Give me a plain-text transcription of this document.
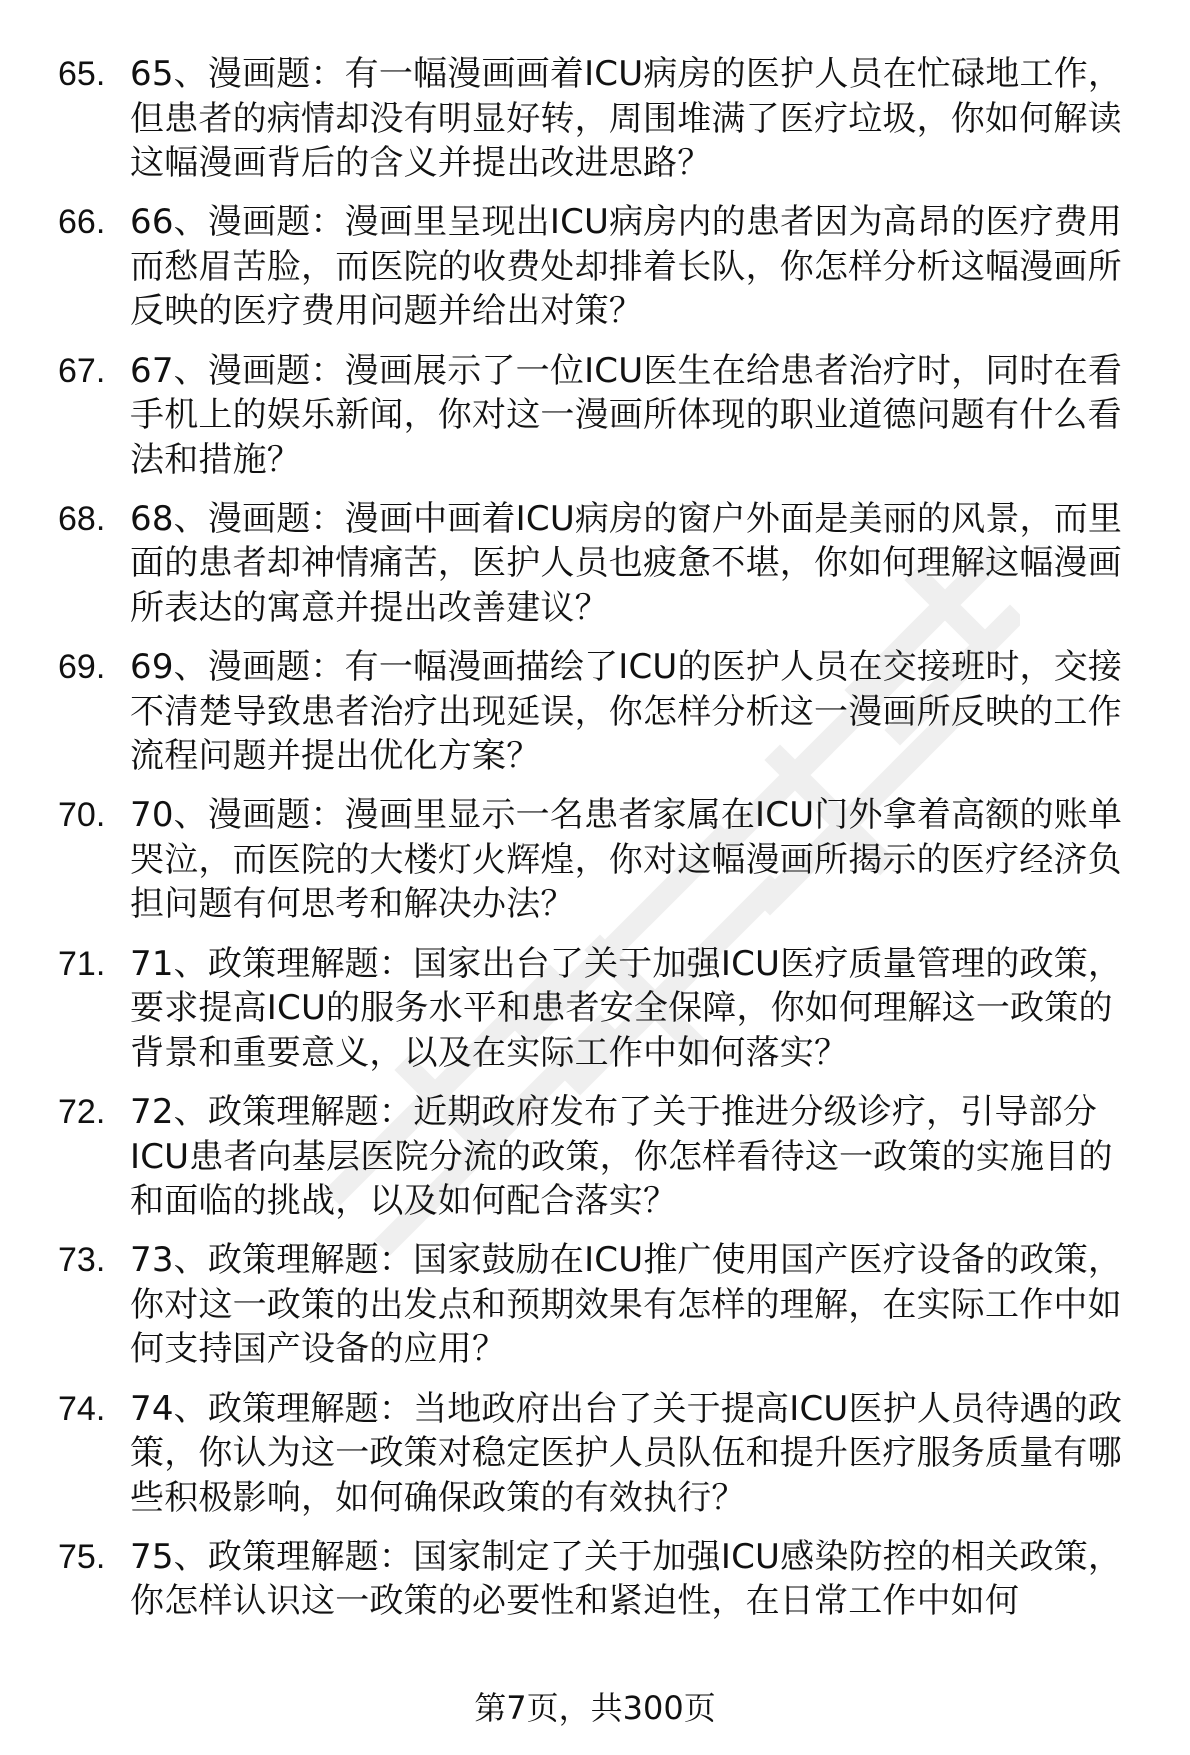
65. 65、漫画题：有一幅漫画画着ICU病房的医护人员在忙碌地工作，但患者的病情却没有明显好转，周围堆满了医疗垃圾，你如何解读这幅漫画背后的含义并提出改进思路？
66. 66、漫画题：漫画里呈现出ICU病房内的患者因为高昂的医疗费用而愁眉苦脸，而医院的收费处却排着长队，你怎样分析这幅漫画所反映的医疗费用问题并给出对策？
67. 67、漫画题：漫画展示了一位ICU医生在给患者治疗时，同时在看手机上的娱乐新闻，你对这一漫画所体现的职业道德问题有什么看法和措施？
68. 68、漫画题：漫画中画着ICU病房的窗户外面是美丽的风景，而里面的患者却神情痛苦，医护人员也疲惫不堪，你如何理解这幅漫画所表达的寓意并提出改善建议？
69. 69、漫画题：有一幅漫画描绘了ICU的医护人员在交接班时，交接不清楚导致患者治疗出现延误，你怎样分析这一漫画所反映的工作流程问题并提出优化方案？
70. 70、漫画题：漫画里显示一名患者家属在ICU门外拿着高额的账单哭泣，而医院的大楼灯火辉煌，你对这幅漫画所揭示的医疗经济负担问题有何思考和解决办法？
71. 71、政策理解题：国家出台了关于加强ICU医疗质量管理的政策，要求提高ICU的服务水平和患者安全保障，你如何理解这一政策的背景和重要意义，以及在实际工作中如何落实？
72. 72、政策理解题：近期政府发布了关于推进分级诊疗，引导部分ICU患者向基层医院分流的政策，你怎样看待这一政策的实施目的和面临的挑战，以及如何配合落实？
73. 73、政策理解题：国家鼓励在ICU推广使用国产医疗设备的政策，你对这一政策的出发点和预期效果有怎样的理解，在实际工作中如何支持国产设备的应用？
74. 74、政策理解题：当地政府出台了关于提高ICU医护人员待遇的政策，你认为这一政策对稳定医护人员队伍和提升医疗服务质量有哪些积极影响，如何确保政策的有效执行？
75. 75、政策理解题：国家制定了关于加强ICU感染防控的相关政策，你怎样认识这一政策的必要性和紧迫性，在日常工作中如何
第7页，共300页
